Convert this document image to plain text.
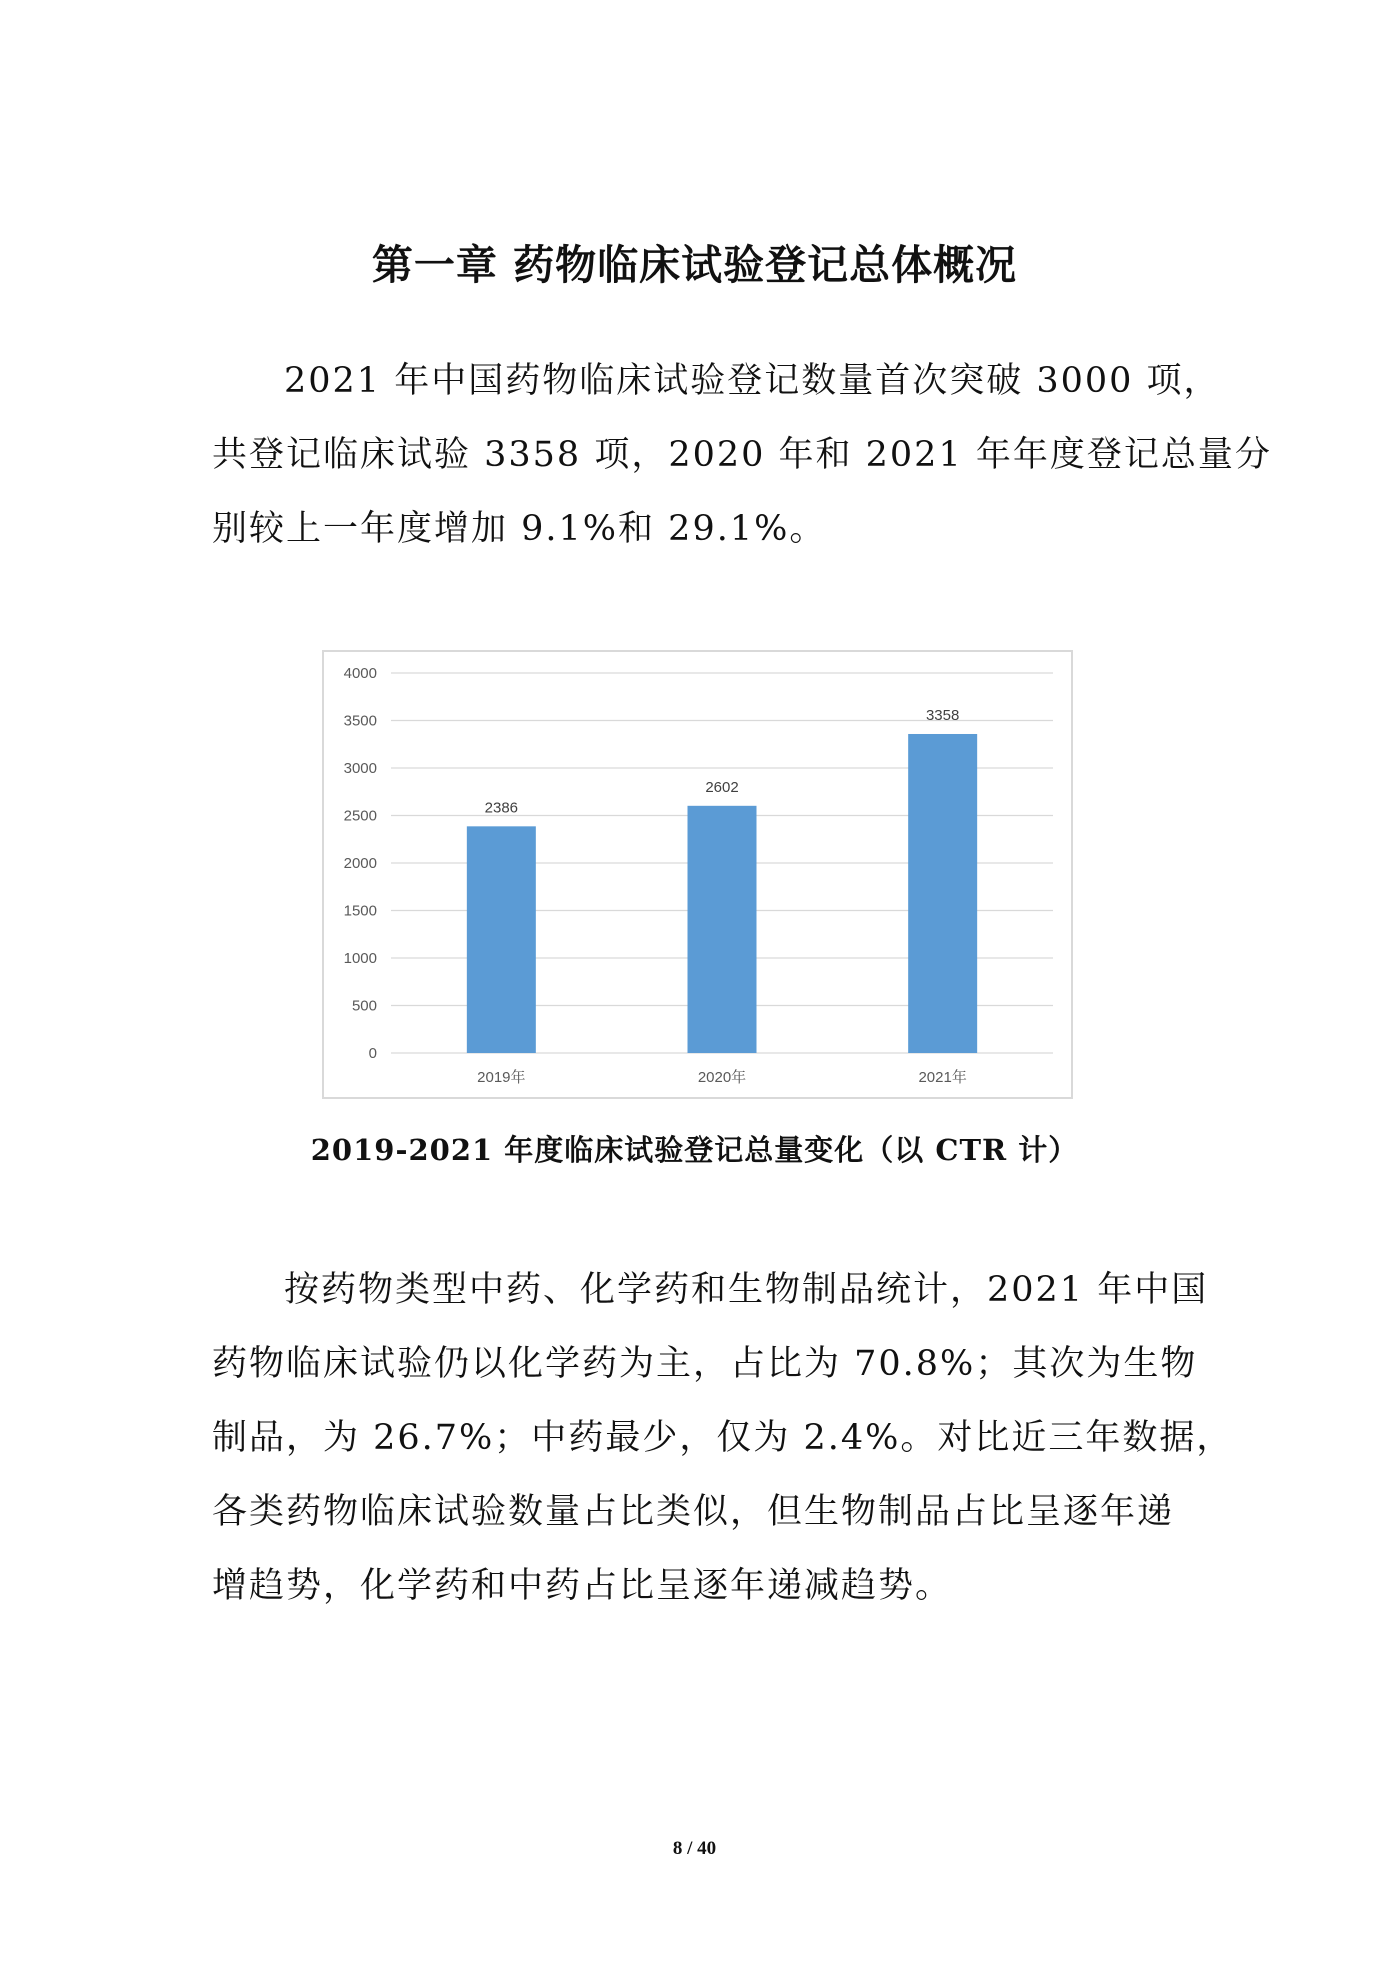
第一章 药物临床试验登记总体概况
2021 年中国药物临床试验登记数量首次突破 3000 项，
共登记临床试验 3358 项，2020 年和 2021 年年度登记总量分
别较上一年度增加 9.1%和 29.1%。
0
500
1000
1500
2000
2500
3000
3500
4000
2386
2019年
2602
2020年
3358
2021年

2019-2021 年度临床试验登记总量变化（以 CTR 计）

按药物类型中药、化学药和生物制品统计，2021 年中国
药物临床试验仍以化学药为主，占比为 70.8%；其次为生物
制品，为 26.7%；中药最少，仅为 2.4%。对比近三年数据，
各类药物临床试验数量占比类似，但生物制品占比呈逐年递
增趋势，化学药和中药占比呈逐年递减趋势。
8 / 40
